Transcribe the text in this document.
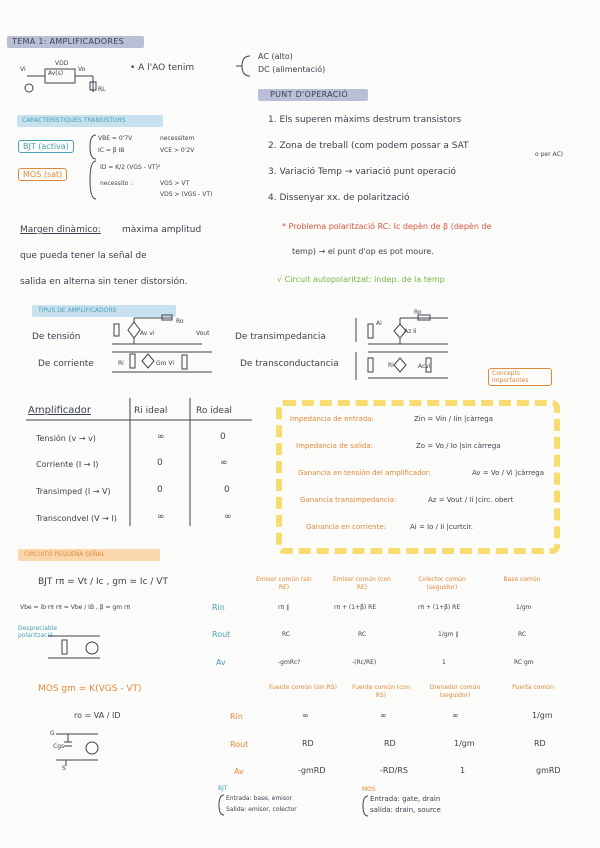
TEMA 1: AMPLIFICADORES
Av(s)
Vi	Vo
VDD
RL
• A l'AO tenim
AC (alto)
DC (alimentació)
PUNT D'OPERACIÓ
1. Els superen màxims destrum transistors
2. Zona de treball (com podem possar a SAT
o per AC)
3. Variació Temp → variació punt operació
4. Dissenyar xx. de polarització
CARACTERÍSTIQUES TRANSISTORS
BJT (activa)
VBE = 0'7V
IC = β IB
necessitem
VCE > 0'2V
MOS (sat)
ID = K/2 (VGS - VT)²
necessito :	VGS > VT
VDS > (VGS - VT)
Margen dinàmico: màxima amplitud
que pueda tener la señal de
salida en alterna sin tener distorsión.
* Problema polarització RC: Ic depèn de β (depèn de
temp) → el punt d'op es pot moure.
√ Circuit autopolaritzat: indep. de la temp
TIPUS DE AMPLIFICADORS
De tensión
De corriente
De transimpedancia
De transconductancia
Av vi
Ro
Vout
Ri	Gm Vi
Ai
Az Ii
Ro
Ri	Acvi
Concepts importantes
Amplificador	Ri ideal	Ro ideal
Tensión (v → v)	∞	0
Corriente (I → I)	0	∞
Transimped (I → V)	0	0
Transcondvel (V → I)	∞	∞
Impedancia de entrada:	Zin = Vin / Iin |càrrega
Impedancia de salida:	Zo = Vo / Io |sin càrrega
Ganancia en tensión del amplificador:	Av = Vo / Vi |càrrega
Ganancia transimpedancia:	Az = Vout / Ii |circ. obert
Ganancia en corriente:	Ai = Io / Ii |curtcir.
CIRCUITO PEQUEÑA SEÑAL
BJT rπ = Vt / Ic , gm = Ic / VT
Vbe = ib·rπ rπ = Vbe / IB , β = gm rπ
Despreciable polarització
Emisor común (sin RE)
Emisor común (con RE)
Colector común (seguidor)
Base común
Rin	rπ ∥	rπ + (1+β) RE	rπ + (1+β) RE	1/gm
Rout	RC	RC	1/gm ∥	RC
Av	-gmRc?	-(Rc/RE)	1	RC·gm
MOS gm = K(VGS - VT)
ro = VA / ID
G
Cgs
S
Fuente común (sin RS)	Fuente común (con RS)
Drenador común (seguidor)
Puerta común
Rin	∞	∞	∞	1/gm
Rout	RD	RD	1/gm	RD
Av	-gmRD	-RD/RS	1	gmRD
BJT
Entrada: base, emisor
Salida: emisor, colector
MOS
Entrada: gate, drain
salida: drain, source
